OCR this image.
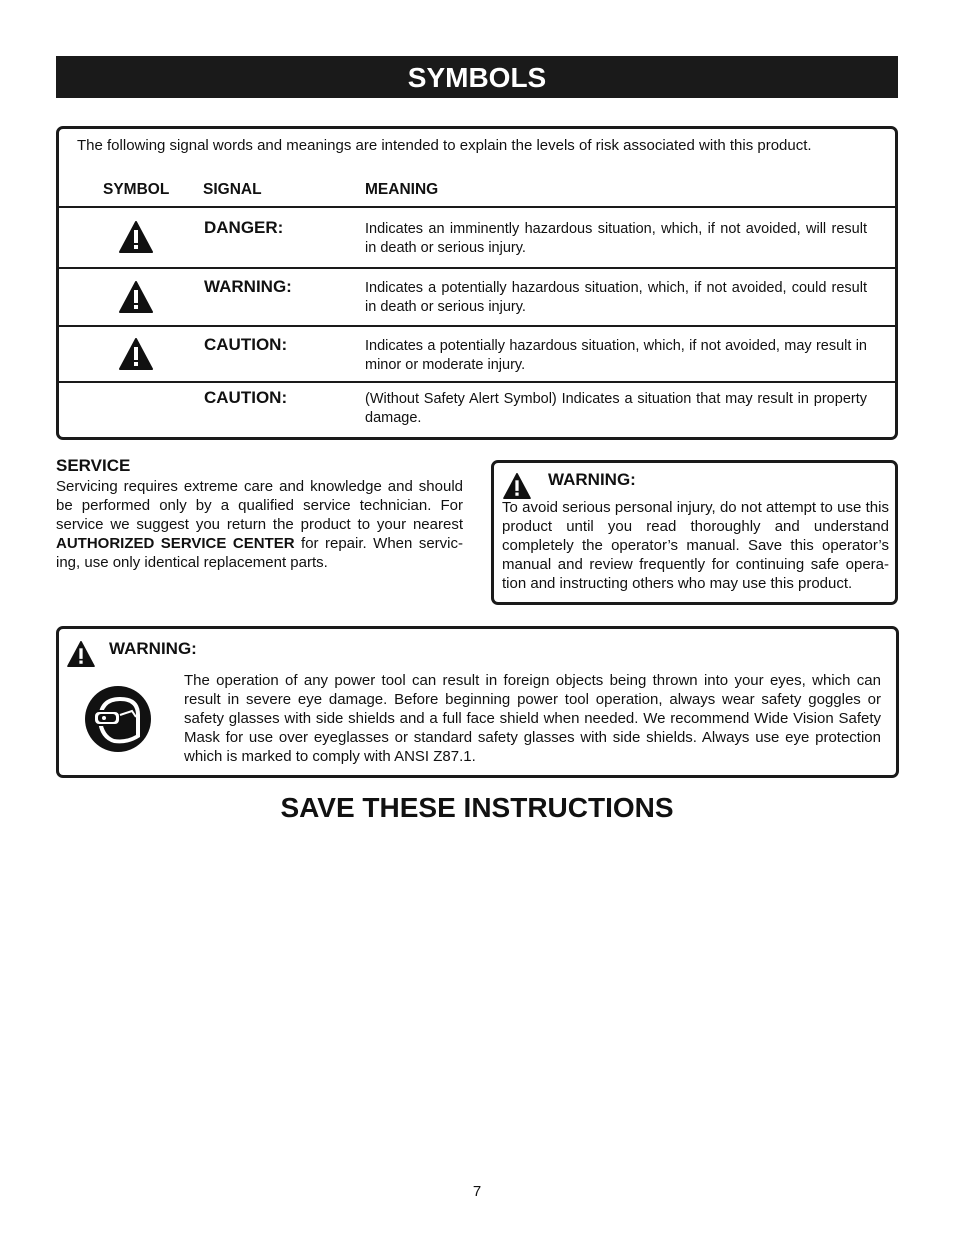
SYMBOLS
The following signal words and meanings are intended to explain the levels of risk associated with this product.
SYMBOL SIGNAL	MEANING
DANGER:	Indicates an imminently hazardous situation, which, if not avoided, will result in death or serious injury.
WARNING:	Indicates a potentially hazardous situation, which, if not avoided, could result in death or serious injury.
CAUTION:	Indicates a potentially hazardous situation, which, if not avoided, may result in minor or moderate injury.
CAUTION:	(Without Safety Alert Symbol) Indicates a situation that may result in property damage.
SERVICE
Servicing requires extreme care and knowledge and should be performed only by a qualified service technician. For service we suggest you return the product to your nearest AUTHORIZED SERVICE CENTER for repair. When servic-ing, use only identical replacement parts.
WARNING:
To avoid serious personal injury, do not attempt to use this product until you read thoroughly and understand completely the operator’s manual. Save this operator’s manual and review frequently for continuing safe opera-tion and instructing others who may use this product.
WARNING:
The operation of any power tool can result in foreign objects being thrown into your eyes, which can result in severe eye damage. Before beginning power tool operation, always wear safety goggles or safety glasses with side shields and a full face shield when needed. We recommend Wide Vision Safety Mask for use over eyeglasses or standard safety glasses with side shields. Always use eye protection which is marked to comply with ANSI Z87.1.
SAVE THESE INSTRUCTIONS
7
